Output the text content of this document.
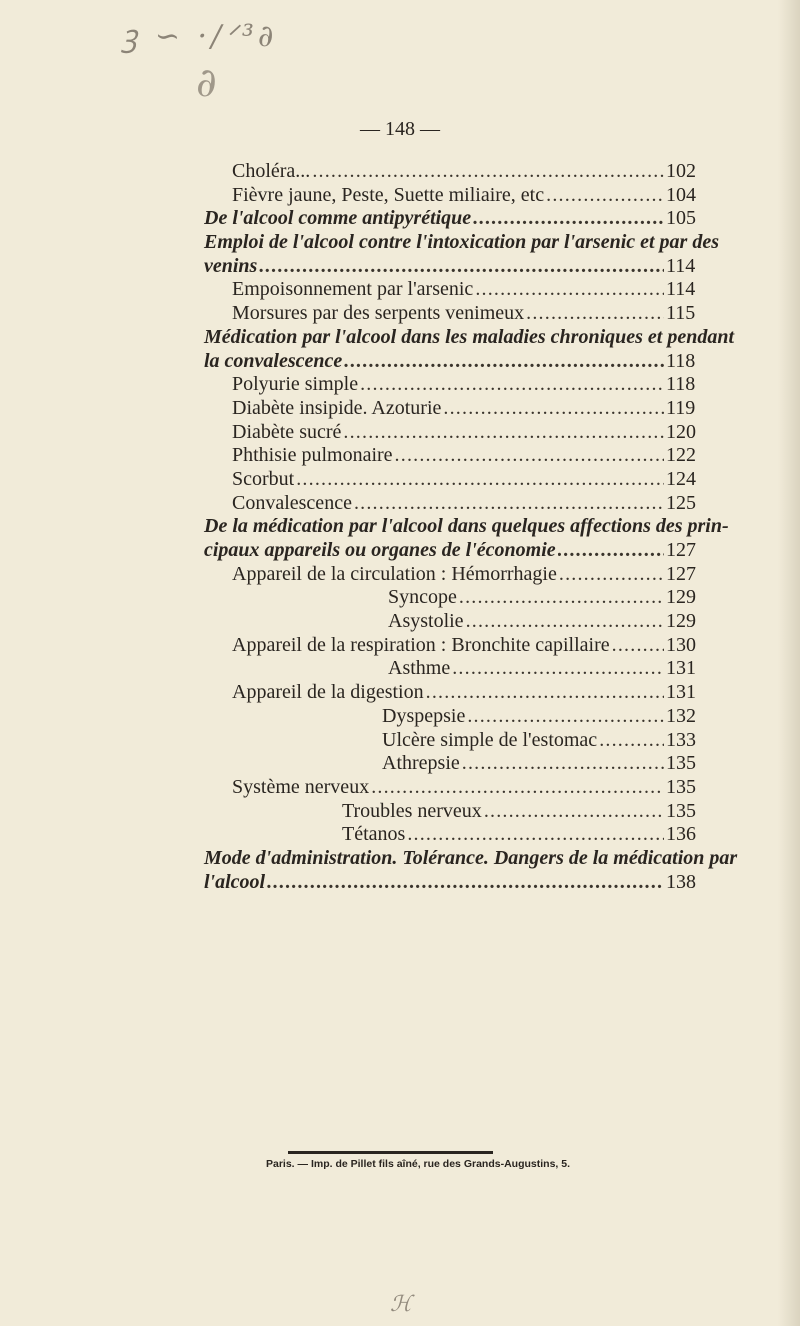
ꝫ ∽ ·/ᐟ³∂
∂
— 148 —
Choléra... .....	102
Fièvre jaune, Peste, Suette miliaire, etc .....	104
De l'alcool comme antipyrétique .....	105
Emploi de l'alcool contre l'intoxication par l'arsenic et par des
venins .....	114
Empoisonnement par l'arsenic .....	114
Morsures par des serpents venimeux .....	115
Médication par l'alcool dans les maladies chroniques et pendant
la convalescence .....	118
Polyurie simple .....	118
Diabète insipide. Azoturie .....	119
Diabète sucré .....	120
Phthisie pulmonaire .....	122
Scorbut .....	124
Convalescence .....	125
De la médication par l'alcool dans quelques affections des prin-
cipaux appareils ou organes de l'économie .....	127
Appareil de la circulation : Hémorrhagie .....	127
Syncope .....	129
Asystolie .....	129
Appareil de la respiration : Bronchite capillaire .....	130
Asthme .....	131
Appareil de la digestion .....	131
Dyspepsie .....	132
Ulcère simple de l'estomac .....	133
Athrepsie .....	135
Système nerveux .....	135
Troubles nerveux .....	135
Tétanos .....	136
Mode d'administration. Tolérance. Dangers de la médication par
l'alcool .....	138
Paris. — Imp. de Pillet fils aîné, rue des Grands-Augustins, 5.
ℋ
